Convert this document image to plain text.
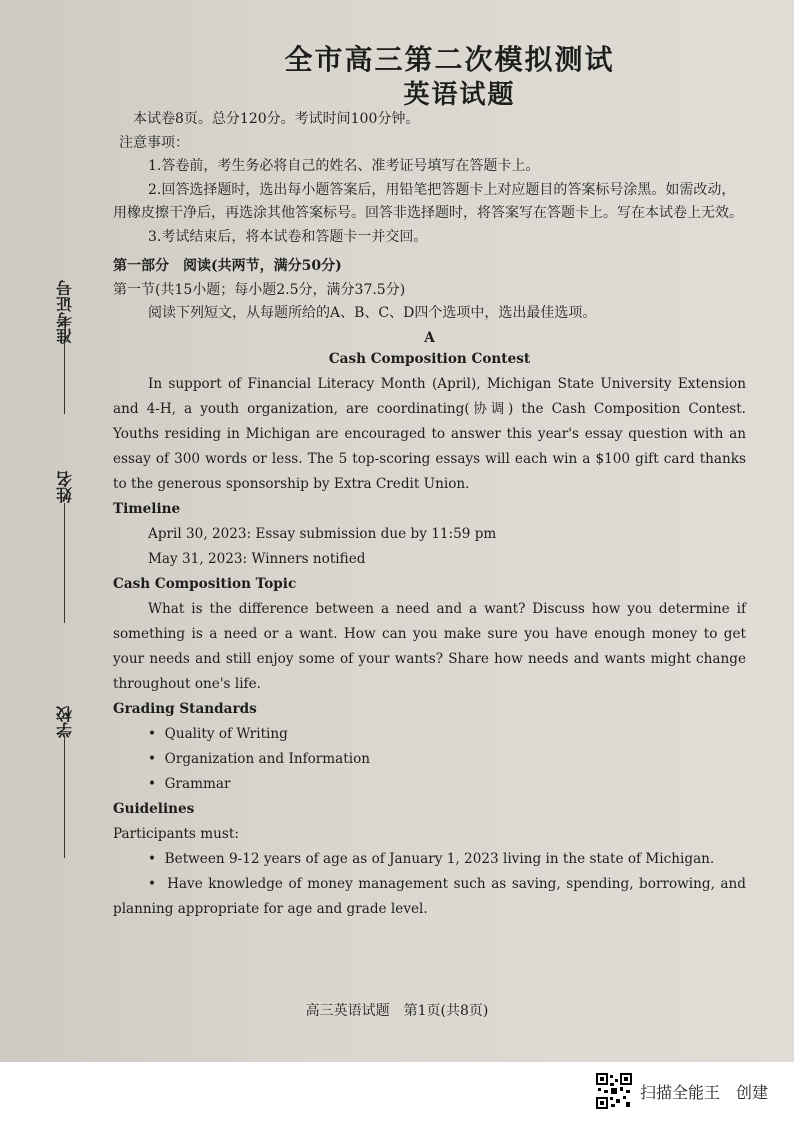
准考证号
姓名
学校
全市高三第二次模拟测试
英语试题
本试卷8页。总分120分。考试时间100分钟。
注意事项：
1.答卷前，考生务必将自己的姓名、准考证号填写在答题卡上。
2.回答选择题时，选出每小题答案后，用铅笔把答题卡上对应题目的答案标号涂黑。如需改动，用橡皮擦干净后，再选涂其他答案标号。回答非选择题时，将答案写在答题卡上。写在本试卷上无效。
3.考试结束后，将本试卷和答题卡一并交回。
第一部分　阅读(共两节，满分50分)
第一节(共15小题；每小题2.5分，满分37.5分)
阅读下列短文，从每题所给的A、B、C、D四个选项中，选出最佳选项。
A
Cash Composition Contest
In support of Financial Literacy Month (April), Michigan State University Extension and 4-H, a youth organization, are coordinating(协调) the Cash Composition Contest. Youths residing in Michigan are encouraged to answer this year's essay question with an essay of 300 words or less. The 5 top-scoring essays will each win a $100 gift card thanks to the generous sponsorship by Extra Credit Union.
Timeline
April 30, 2023: Essay submission due by 11:59 pm
May 31, 2023: Winners notified
Cash Composition Topic
What is the difference between a need and a want? Discuss how you determine if something is a need or a want. How can you make sure you have enough money to get your needs and still enjoy some of your wants? Share how needs and wants might change throughout one's life.
Grading Standards
•  Quality of Writing
•  Organization and Information
•  Grammar
Guidelines
Participants must:
•  Between 9-12 years of age as of January 1, 2023 living in the state of Michigan.
•  Have knowledge of money management such as saving, spending, borrowing, and planning appropriate for age and grade level.
高三英语试题　第1页(共8页)
扫描全能王　创建
